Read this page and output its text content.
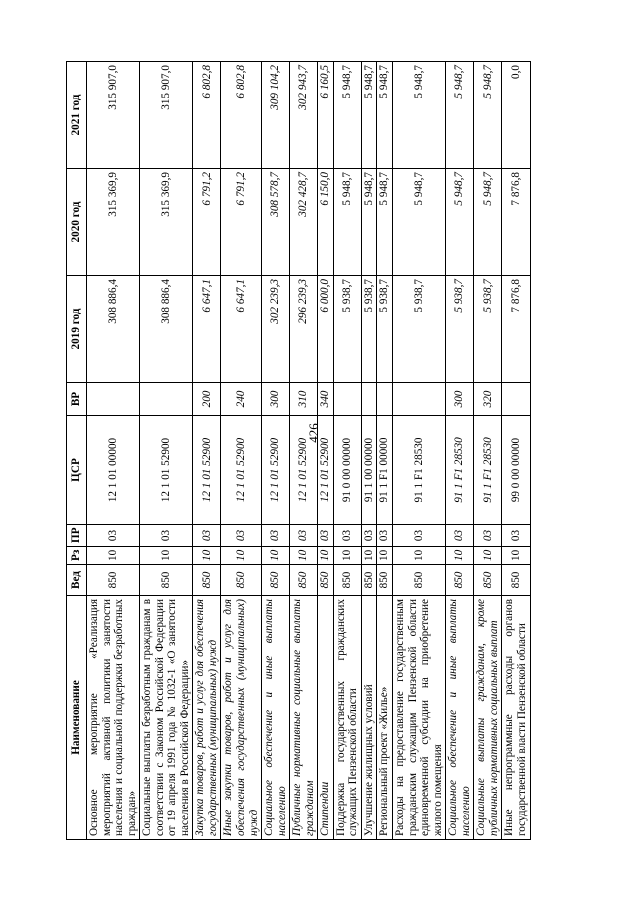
426
Наименование	Вед	Рз	ПР	ЦСР	ВР	2019 год	2020 год	2021 год
Основное мероприятие «Реализация мероприятий активной политики занятости населения и социальной поддержки безработных граждан»	850	10	03	12 1 01 00000		308 886,4	315 369,9	315 907,0
Социальные выплаты безработным гражданам в соответствии с Законом Российской Федерации от 19 апреля 1991 года № 1032-1 «О занятости населения в Российской Федерации»	850	10	03	12 1 01 52900		308 886,4	315 369,9	315 907,0
Закупка товаров, работ и услуг для обеспечения государственных (муниципальных) нужд	850	10	03	12 1 01 52900	200	6 647,1	6 791,2	6 802,8
Иные закупки товаров, работ и услуг для обеспечения государственных (муниципальных) нужд	850	10	03	12 1 01 52900	240	6 647,1	6 791,2	6 802,8
Социальное обеспечение и иные выплаты населению	850	10	03	12 1 01 52900	300	302 239,3	308 578,7	309 104,2
Публичные нормативные социальные выплаты гражданам	850	10	03	12 1 01 52900	310	296 239,3	302 428,7	302 943,7
Стипендии	850	10	03	12 1 01 52900	340	6 000,0	6 150,0	6 160,5
Поддержка государственных гражданских служащих Пензенской области	850	10	03	91 0 00 00000		5 938,7	5 948,7	5 948,7
Улучшение жилищных условий	850	10	03	91 1 00 00000		5 938,7	5 948,7	5 948,7
Региональный проект «Жилье»	850	10	03	91 1 F1 00000		5 938,7	5 948,7	5 948,7
Расходы на предоставление государственным гражданским служащим Пензенской области единовременной субсидии на приобретение жилого помещения	850	10	03	91 1 F1 28530		5 938,7	5 948,7	5 948,7
Социальное обеспечение и иные выплаты населению	850	10	03	91 1 F1 28530	300	5 938,7	5 948,7	5 948,7
Социальные выплаты гражданам, кроме публичных нормативных социальных выплат	850	10	03	91 1 F1 28530	320	5 938,7	5 948,7	5 948,7
Иные непрограммные расходы органов государственной власти Пензенской области	850	10	03	99 0 00 00000		7 876,8	7 876,8	0,0
